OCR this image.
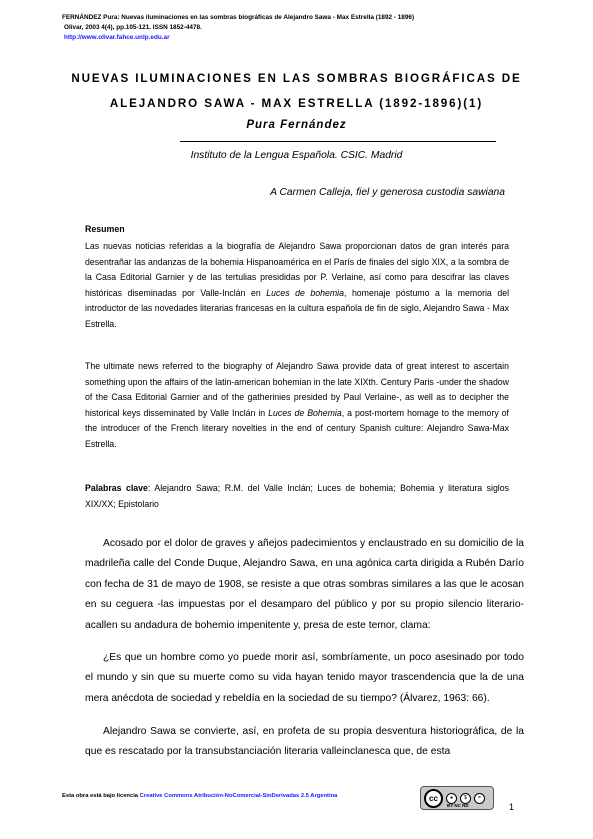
FERNÁNDEZ Pura: Nuevas iluminaciones en las sombras biográficas de Alejandro Sawa - Max Estrella (1892 - 1896)
Olivar, 2003 4(4), pp.105-121. ISSN 1852-4478.
http://www.olivar.fahce.unlp.edu.ar
NUEVAS ILUMINACIONES EN LAS SOMBRAS BIOGRÁFICAS DE
ALEJANDRO SAWA - MAX ESTRELLA (1892-1896)(1)
Pura Fernández
Instituto de la Lengua Española. CSIC. Madrid
A Carmen Calleja, fiel y generosa custodia sawiana
Resumen
Las nuevas noticias referidas a la biografía de Alejandro Sawa proporcionan datos de gran interés para desentrañar las andanzas de la bohemia Hispanoamérica en el París de finales del siglo XIX, a la sombra de la Casa Editorial Garnier y de las tertulias presididas por P. Verlaine, así como para descifrar las claves históricas diseminadas por Valle-Inclán en Luces de bohemia, homenaje póstumo a la memoria del introductor de las novedades literarias francesas en la cultura española de fin de siglo, Alejandro Sawa - Max Estrella.
The ultimate news referred to the biography of Alejandro Sawa provide data of great interest to ascertain something upon the affairs of the latin-american bohemian in the late XIXth. Century Paris -under the shadow of the Casa Editorial Garnier and of the gatherinies presided by Paul Verlaine-, as well as to decipher the historical keys disseminated by Valle Inclán in Luces de Bohemia, a post-mortem homage to the memory of the introducer of the French literary novelties in the end of century Spanish culture: Alejandro Sawa-Max Estrella.
Palabras clave: Alejandro Sawa; R.M. del Valle Inclán; Luces de bohemia; Bohemia y literatura siglos XIX/XX; Epistolario
Acosado por el dolor de graves y añejos padecimientos y enclaustrado en su domicilio de la madrileña calle del Conde Duque, Alejandro Sawa, en una agónica carta dirigida a Rubén Darío con fecha de 31 de mayo de 1908, se resiste a que otras sombras similares a las que le acosan en su ceguera -las impuestas por el desamparo del público y por su propio silencio literario- acallen su andadura de bohemio impenitente y, presa de este temor, clama:
¿Es que un hombre como yo puede morir así, sombríamente, un poco asesinado por todo el mundo y sin que su muerte como su vida hayan tenido mayor trascendencia que la de una mera anécdota de sociedad y rebeldía en la sociedad de su tiempo? (Álvarez, 1963: 66).
Alejandro Sawa se convierte, así, en profeta de su propia desventura historiográfica, de la que es rescatado por la transubstanciación literaria valleinclanesca que, de esta
Esta obra está bajo licencia Creative Commons Atribución-NoComercial-SinDerivadas 2.5 Argentina	cc	●	$	=
BY NC ND	1
